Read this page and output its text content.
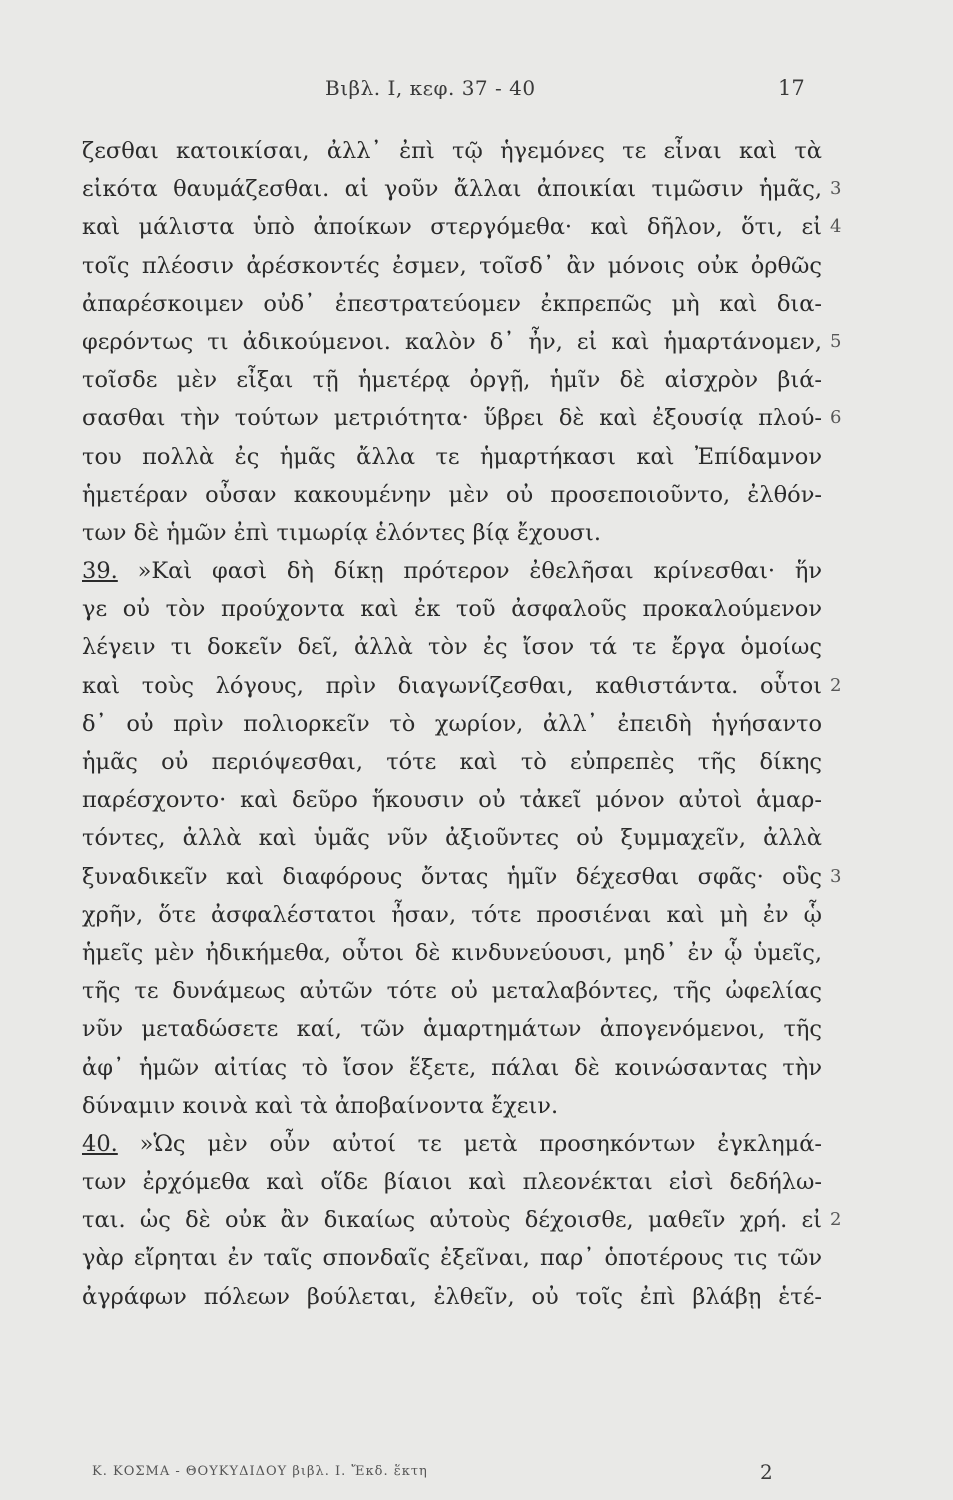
Βιβλ. Ι, κεφ. 37 - 40	17
ζεσθαι κατοικίσαι, ἀλλ᾽ ἐπὶ τῷ ἡγεμόνες τε εἶναι καὶ τὰ
εἰκότα θαυμάζεσθαι. αἱ γοῦν ἄλλαι ἀποικίαι τιμῶσιν ἡμᾶς, 3
καὶ μάλιστα ὑπὸ ἀποίκων στεργόμεθα· καὶ δῆλον, ὅτι, εἰ 4
τοῖς πλέοσιν ἀρέσκοντές ἐσμεν, τοῖσδ᾽ ἂν μόνοις οὐκ ὀρθῶς
ἀπαρέσκοιμεν οὐδ᾽ ἐπεστρατεύομεν ἐκπρεπῶς μὴ καὶ δια-
φερόντως τι ἀδικούμενοι. καλὸν δ᾽ ἦν, εἰ καὶ ἡμαρτάνομεν, 5
τοῖσδε μὲν εἶξαι τῇ ἡμετέρᾳ ὀργῇ, ἡμῖν δὲ αἰσχρὸν βιά-
σασθαι τὴν τούτων μετριότητα· ὕβρει δὲ καὶ ἐξουσίᾳ πλού- 6
του πολλὰ ἐς ἡμᾶς ἄλλα τε ἡμαρτήκασι καὶ Ἐπίδαμνον
ἡμετέραν οὖσαν κακουμένην μὲν οὐ προσεποιοῦντο, ἐλθόν-
των δὲ ἡμῶν ἐπὶ τιμωρίᾳ ἑλόντες βίᾳ ἔχουσι.
39. »Καὶ φασὶ δὴ δίκῃ πρότερον ἐθελῆσαι κρίνεσθαι· ἥν
γε οὐ τὸν προύχοντα καὶ ἐκ τοῦ ἀσφαλοῦς προκαλούμενον
λέγειν τι δοκεῖν δεῖ, ἀλλὰ τὸν ἐς ἴσον τά τε ἔργα ὁμοίως
καὶ τοὺς λόγους, πρὶν διαγωνίζεσθαι, καθιστάντα. οὗτοι 2
δ᾽ οὐ πρὶν πολιορκεῖν τὸ χωρίον, ἀλλ᾽ ἐπειδὴ ἡγήσαντο
ἡμᾶς οὐ περιόψεσθαι, τότε καὶ τὸ εὐπρεπὲς τῆς δίκης
παρέσχοντο· καὶ δεῦρο ἥκουσιν οὐ τἀκεῖ μόνον αὐτοὶ ἁμαρ-
τόντες, ἀλλὰ καὶ ὑμᾶς νῦν ἀξιοῦντες οὐ ξυμμαχεῖν, ἀλλὰ
ξυναδικεῖν καὶ διαφόρους ὄντας ἡμῖν δέχεσθαι σφᾶς· οὓς 3
χρῆν, ὅτε ἀσφαλέστατοι ἦσαν, τότε προσιέναι καὶ μὴ ἐν ᾧ
ἡμεῖς μὲν ἠδικήμεθα, οὗτοι δὲ κινδυνεύουσι, μηδ᾽ ἐν ᾧ ὑμεῖς,
τῆς τε δυνάμεως αὐτῶν τότε οὐ μεταλαβόντες, τῆς ὠφελίας
νῦν μεταδώσετε καί, τῶν ἁμαρτημάτων ἀπογενόμενοι, τῆς
ἀφ᾽ ἡμῶν αἰτίας τὸ ἴσον ἕξετε, πάλαι δὲ κοινώσαντας τὴν
δύναμιν κοινὰ καὶ τὰ ἀποβαίνοντα ἔχειν.
40. »Ὡς μὲν οὖν αὐτοί τε μετὰ προσηκόντων ἐγκλημά-
των ἐρχόμεθα καὶ οἵδε βίαιοι καὶ πλεονέκται εἰσὶ δεδήλω-
ται. ὡς δὲ οὐκ ἂν δικαίως αὐτοὺς δέχοισθε, μαθεῖν χρή. εἰ 2
γὰρ εἴρηται ἐν ταῖς σπονδαῖς ἐξεῖναι, παρ᾽ ὁποτέρους τις τῶν
ἀγράφων πόλεων βούλεται, ἐλθεῖν, οὐ τοῖς ἐπὶ βλάβῃ ἑτέ-
Κ. ΚΟΣΜΑ - ΘΟΥΚΥΔΙΔΟΥ βιβλ. Ι. Ἔκδ. ἕκτη	2
